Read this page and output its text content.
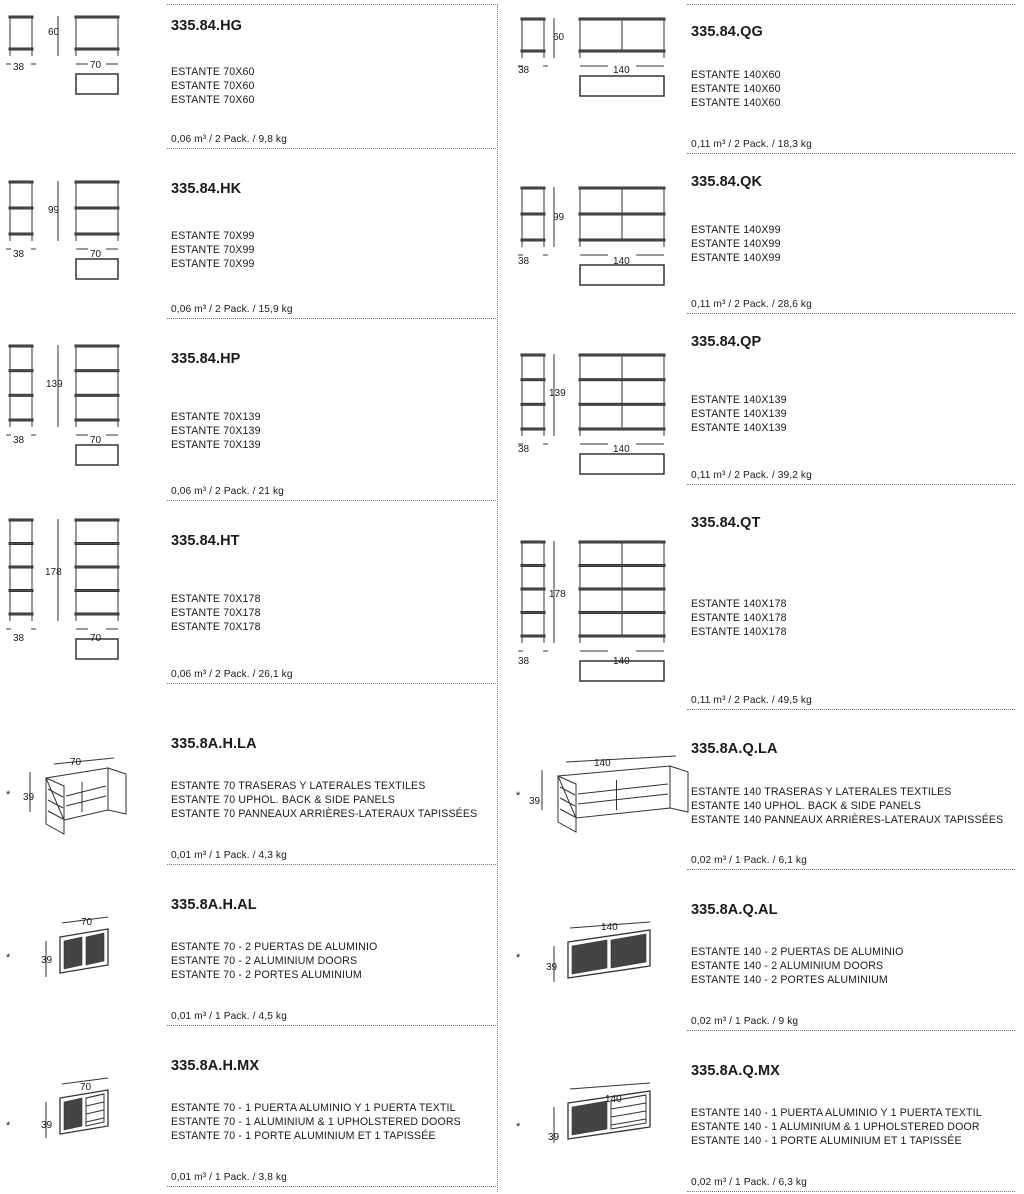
60
38	70
335.84.HG
ESTANTE 70X60
ESTANTE 70X60
ESTANTE 70X60
0,06 m³ / 2 Pack. / 9,8 kg
99
38	70
335.84.HK
ESTANTE 70X99
ESTANTE 70X99
ESTANTE 70X99
0,06 m³ / 2 Pack. / 15,9 kg
139
38	70
335.84.HP
ESTANTE 70X139
ESTANTE 70X139
ESTANTE 70X139
0,06 m³ / 2 Pack. / 21 kg
178
38	70
335.84.HT
ESTANTE 70X178
ESTANTE 70X178
ESTANTE 70X178
0,06 m³ / 2 Pack. / 26,1 kg
* 39
70
335.8A.H.LA
ESTANTE 70 TRASERAS Y LATERALES TEXTILES
ESTANTE 70 UPHOL. BACK & SIDE PANELS
ESTANTE 70 PANNEAUX ARRIÈRES-LATERAUX TAPISSÉES
0,01 m³ / 1 Pack. / 4,3 kg
*	39
70
335.8A.H.AL
ESTANTE 70 - 2 PUERTAS DE ALUMINIO
ESTANTE 70 - 2 ALUMINIUM DOORS
ESTANTE 70 - 2 PORTES ALUMINIUM
0,01 m³ / 1 Pack. / 4,5 kg
*	39
70
335.8A.H.MX
ESTANTE 70 - 1 PUERTA ALUMINIO Y 1 PUERTA TEXTIL
ESTANTE 70 - 1 ALUMINIUM & 1 UPHOLSTERED DOORS
ESTANTE 70 - 1 PORTE ALUMINIUM ET 1 TAPISSÉE
0,01 m³ / 1 Pack. / 3,8 kg
60
38	140
335.84.QG
ESTANTE 140X60
ESTANTE 140X60
ESTANTE 140X60
0,11 m³ / 2 Pack. / 18,3 kg
99
38	140
335.84.QK
ESTANTE 140X99
ESTANTE 140X99
ESTANTE 140X99
0,11 m³ / 2 Pack. / 28,6 kg
139
38	140
335.84.QP
ESTANTE 140X139
ESTANTE 140X139
ESTANTE 140X139
0,11 m³ / 2 Pack. / 39,2 kg
178
38	140
335.84.QT
ESTANTE 140X178
ESTANTE 140X178
ESTANTE 140X178
0,11 m³ / 2 Pack. / 49,5 kg
* 39
140
335.8A.Q.LA
ESTANTE 140 TRASERAS Y LATERALES TEXTILES
ESTANTE 140 UPHOL. BACK & SIDE PANELS
ESTANTE 140 PANNEAUX ARRIÈRES-LATERAUX TAPISSÉES
0,02 m³ / 1 Pack. / 6,1 kg
*
39
140
335.8A.Q.AL
ESTANTE 140 - 2 PUERTAS DE ALUMINIO
ESTANTE 140 - 2 ALUMINIUM DOORS
ESTANTE 140 - 2 PORTES ALUMINIUM
0,02 m³ / 1 Pack. / 9 kg
*
39
140
335.8A.Q.MX
ESTANTE 140 - 1 PUERTA ALUMINIO Y 1 PUERTA TEXTIL
ESTANTE 140 - 1 ALUMINIUM & 1 UPHOLSTERED DOOR
ESTANTE 140 - 1 PORTE ALUMINIUM ET 1 TAPISSÉE
0,02 m³ / 1 Pack. / 6,3 kg
